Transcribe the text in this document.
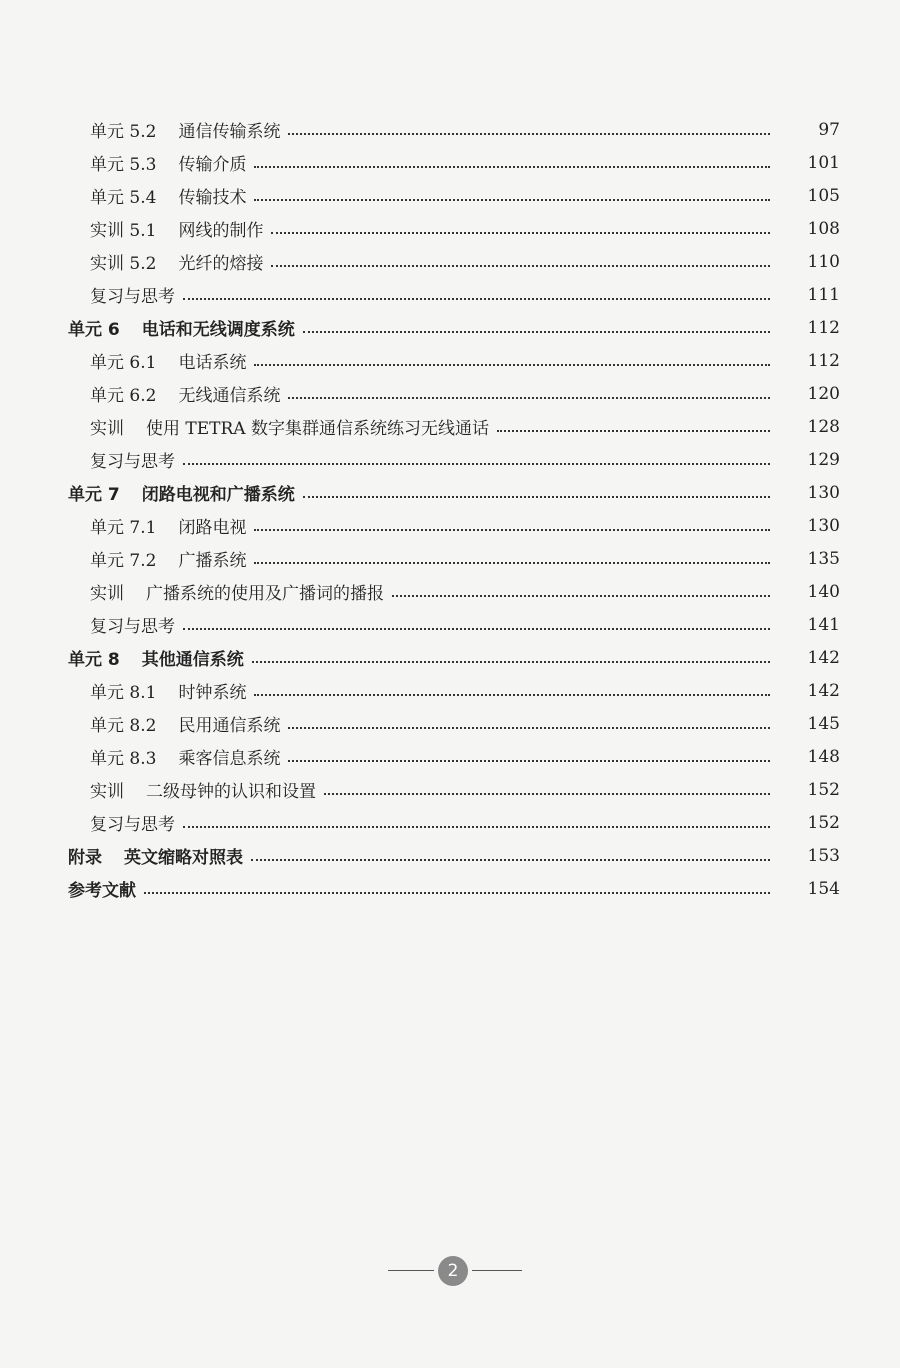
单元 5.2 通信传输系统	97
单元 5.3 传输介质	101
单元 5.4 传输技术	105
实训 5.1 网线的制作	108
实训 5.2 光纤的熔接	110
复习与思考	111
单元 6 电话和无线调度系统	112
单元 6.1 电话系统	112
单元 6.2 无线通信系统	120
实训 使用 TETRA 数字集群通信系统练习无线通话	128
复习与思考	129
单元 7 闭路电视和广播系统	130
单元 7.1 闭路电视	130
单元 7.2 广播系统	135
实训 广播系统的使用及广播词的播报	140
复习与思考	141
单元 8 其他通信系统	142
单元 8.1 时钟系统	142
单元 8.2 民用通信系统	145
单元 8.3 乘客信息系统	148
实训 二级母钟的认识和设置	152
复习与思考	152
附录 英文缩略对照表	153
参考文献	154
2
